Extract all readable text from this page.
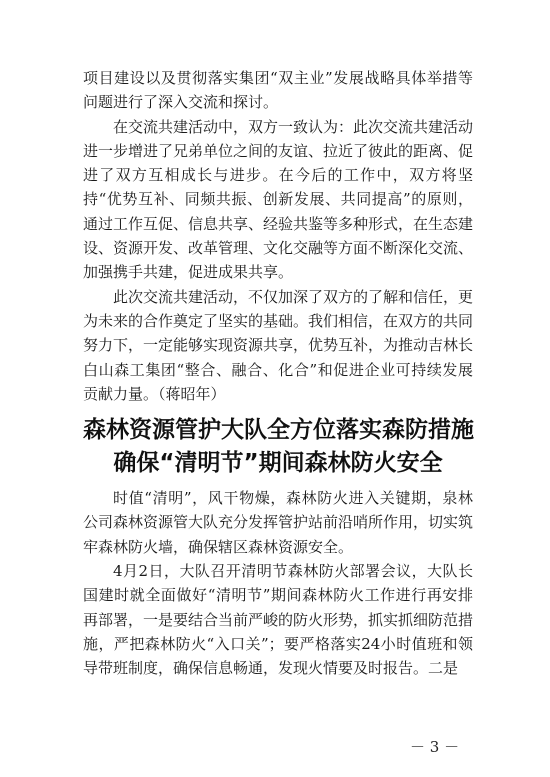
项目建设以及贯彻落实集团“双主业”发展战略具体举措等问题进行了深入交流和探讨。

在交流共建活动中，双方一致认为：此次交流共建活动进一步增进了兄弟单位之间的友谊、拉近了彼此的距离、促进了双方互相成长与进步。在今后的工作中，双方将坚持“优势互补、同频共振、创新发展、共同提高”的原则，通过工作互促、信息共享、经验共鉴等多种形式，在生态建设、资源开发、改革管理、文化交融等方面不断深化交流、加强携手共建，促进成果共享。

此次交流共建活动，不仅加深了双方的了解和信任，更为未来的合作奠定了坚实的基础。我们相信，在双方的共同努力下，一定能够实现资源共享，优势互补，为推动吉林长白山森工集团“整合、融合、化合”和促进企业可持续发展贡献力量。（蒋昭年）

森林资源管护大队全方位落实森防措施
确保“清明节”期间森林防火安全

时值“清明”，风干物燥，森林防火进入关键期，泉林公司森林资源管大队充分发挥管护站前沿哨所作用，切实筑牢森林防火墙，确保辖区森林资源安全。

4月2日，大队召开清明节森林防火部署会议，大队长国建时就全面做好“清明节”期间森林防火工作进行再安排再部署，一是要结合当前严峻的防火形势，抓实抓细防范措施，严把森林防火“入口关”；要严格落实24小时值班和领导带班制度，确保信息畅通，发现火情要及时报告。二是

－ 3 －
